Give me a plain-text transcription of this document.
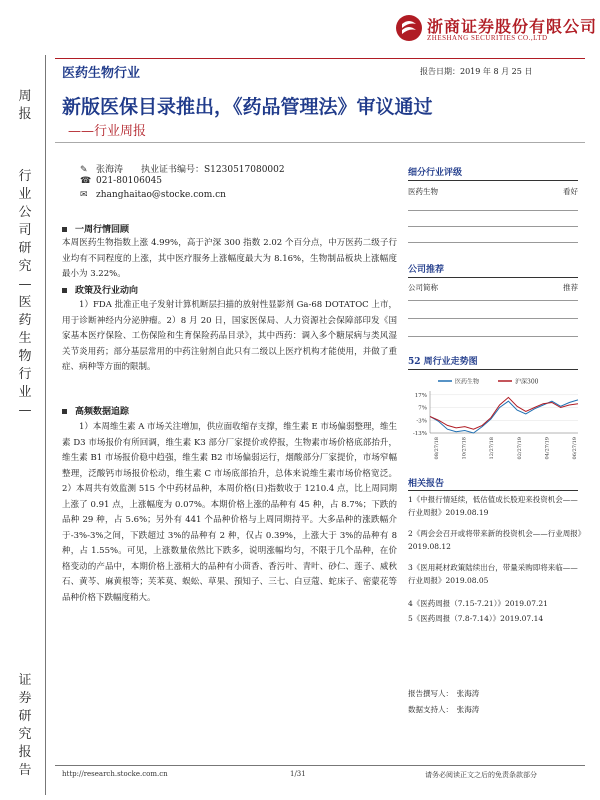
浙商证券股份有限公司
ZHESHANG SECURITIES CO.,LTD
周报
行业公司研究—医药生物行业—
证券研究报告
医药生物行业	报告日期：2019 年 8 月 25 日
新版医保目录推出，《药品管理法》审议通过
——行业周报
✎ 张海涛　　执业证书编号：S1230517080002
☎ 021-80106045
✉ zhanghaitao@stocke.com.cn
一周行情回顾
本周医药生物指数上涨 4.99%，高于沪深 300 指数 2.02 个百分点，中万医药二级子行业均有不同程度的上涨，其中医疗服务上涨幅度最大为 8.16%，生物制品板块上涨幅度最小为 3.22%。
政策及行业动向
1）FDA 批准正电子发射计算机断层扫描的放射性显影剂 Ga-68 DOTATOC 上市，用于诊断神经内分泌肿瘤。2）8 月 20 日，国家医保局、人力资源社会保障部印发《国家基本医疗保险、工伤保险和生育保险药品目录》，其中西药：调入多个糖尿病与类风湿关节炎用药；部分基层常用的中药注射剂自此只有二级以上医疗机构才能使用，并做了重症、病种等方面的限制。
高频数据追踪
1）本周维生素 A 市场关注增加，供应面收缩存支撑，维生素 E 市场偏弱整理，维生素 D3 市场报价有所回调，维生素 K3 部分厂家提价或停报，生物素市场价格底部抬升，维生素 B1 市场报价稳中趋强，维生素 B2 市场偏弱运行，烟酸部分厂家提价，市场窄幅整理，泛酸钙市场报价松动，维生素 C 市场底部抬升，总体来说维生素市场价格宽泛。2）本周共有效监测 515 个中药材品种，本周价格(日)指数收于 1210.4 点，比上周同期上涨了 0.91 点，上涨幅度为 0.07%。本期价格上涨的品种有 45 种，占 8.7%；下跌的品种 29 种，占 5.6%；另外有 441 个品种价格与上周同期持平。大多品种的涨跌幅介于-3%-3%之间，下跌超过 3%的品种有 2 种，仅占 0.39%，上涨大于 3%的品种有 8 种，占 1.55%。可见，上涨数量依然比下跌多，说明涨幅均匀，不限于几个品种，在价格变动的产品中，本期价格上涨稍大的品种有小茴香、香污叶、青叶、砂仁、莲子、威秋石、黄芩、麻黄根等；芙苯莫、蜈蚣、草果、預知子、三七、白豆蔻、蛇床子、密蒙花等品种价格下跌幅度稍大。
细分行业评级
医药生物	看好
公司推荐
公司简称	推荐
52 周行业走势图
医药生物	沪深300
17%
7%
-3%
-13%
08/27/18	10/27/18	12/27/18	02/27/19	04/27/19	06/27/19
相关报告
1《中报行情延续，低估值成长股迎来投资机会——行业周报》2019.08.19
2《两会会召开或将带来新的投资机会——行业周报》2019.08.12
3《医用耗材政策陆续出台，带量采购即将来临——行业周报》2019.08.05
4《医药周报（7.15-7.21）》2019.07.21
5《医药周报（7.8-7.14）》2019.07.14
报告撰写人：　张海涛
数据支持人：　张海涛
http://research.stocke.com.cn	1/31	请务必阅读正文之后的免责条款部分
